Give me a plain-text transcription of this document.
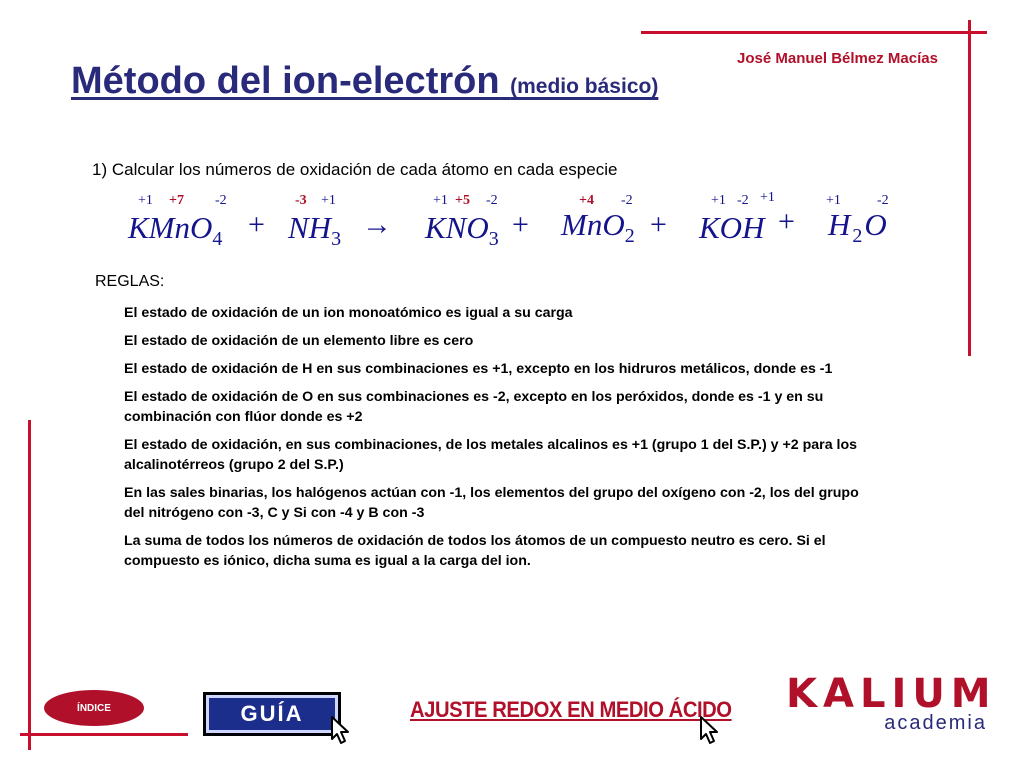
José Manuel Bélmez Macías
Método del ion-electrón (medio básico)
1) Calcular los números de oxidación de cada átomo en cada especie
+1 +7 -2
KMnO$_4$ +
-3 +1
$NH_3$ →
+1 +5 -2
$KNO_3$ +
+4 -2
MnO$_2$ +
+1 -2 +1
KOH +
+1	-2
H $_2$O
REGLAS:
El estado de oxidación de un ion monoatómico es igual a su carga
El estado de oxidación de un elemento libre es cero
El estado de oxidación de H en sus combinaciones es +1, excepto en los hidruros metálicos, donde es -1
El estado de oxidación de O en sus combinaciones es -2, excepto en los peróxidos, donde es -1 y en su combinación con flúor donde es +2
El estado de oxidación, en sus combinaciones, de los metales alcalinos es +1 (grupo 1 del S.P.) y +2 para los alcalinotérreos (grupo 2 del S.P.)
En las sales binarias, los halógenos actúan con -1, los elementos del grupo del oxígeno con -2, los del grupo del nitrógeno con -3, C y Si con -4 y B con -3
La suma de todos los números de oxidación de todos los átomos de un compuesto neutro es cero. Si el compuesto es iónico, dicha suma es igual a la carga del ion.
ÍNDICE	GUÍA	AJUSTE REDOX EN MEDIO ÁCIDO KALIUM
academia
